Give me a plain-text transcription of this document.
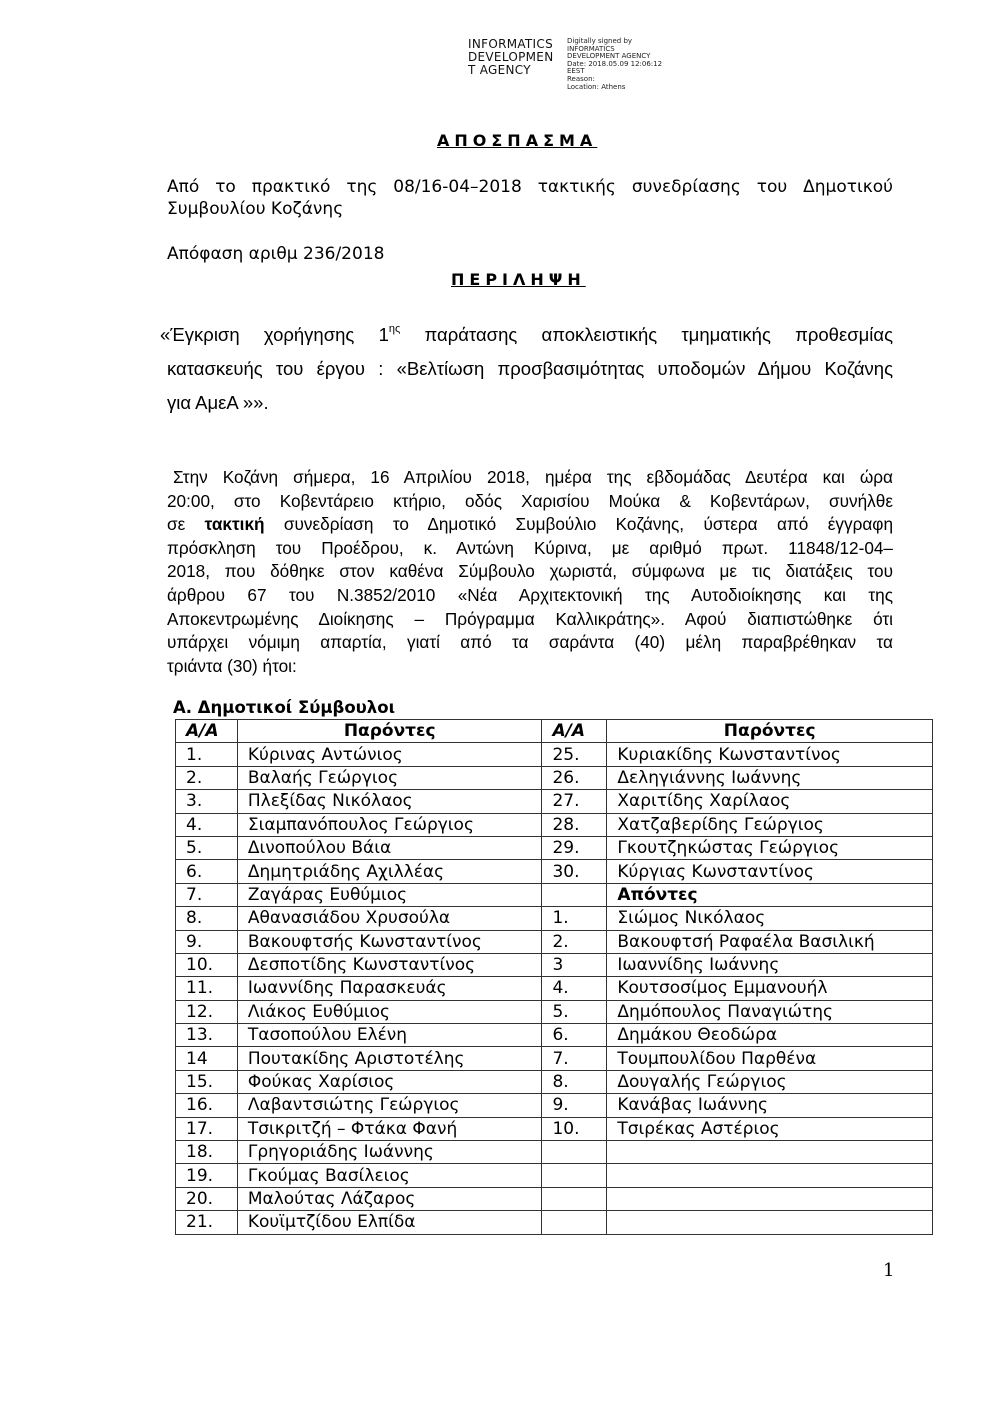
INFORMATICS
DEVELOPMEN
T AGENCY
Digitally signed by
INFORMATICS
DEVELOPMENT AGENCY
Date: 2018.05.09 12:06:12
EEST
Reason:
Location: Athens
ΑΠΟΣΠΑΣΜΑ
Από το πρακτικό της 08/16-04–2018 τακτικής συνεδρίασης του Δημοτικού
Συμβουλίου Κοζάνης
Απόφαση αριθμ 236/2018
ΠΕΡΙΛΗΨΗ
«Έγκριση χορήγησης $1^{\eta\varsigma}$ παράτασης αποκλειστικής τμηματικής προθεσμίας
κατασκευής του έργου : «Βελτίωση προσβασιμότητας υποδομών Δήμου Κοζάνης
για ΑμεΑ »».
Στην Κοζάνη σήμερα, 16 Απριλίου 2018, ημέρα της εβδομάδας Δευτέρα και ώρα
20:00, στο Κοβεντάρειο κτήριο, οδός Χαρισίου Μούκα & Κοβεντάρων, συνήλθε
σε τακτική συνεδρίαση το Δημοτικό Συμβούλιο Κοζάνης, ύστερα από έγγραφη
πρόσκληση του Προέδρου, κ. Αντώνη Κύρινα, με αριθμό πρωτ. 11848/12-04–
2018, που δόθηκε στον καθένα Σύμβουλο χωριστά, σύμφωνα με τις διατάξεις του
άρθρου 67 του Ν.3852/2010 «Νέα Αρχιτεκτονική της Αυτοδιοίκησης και της
Αποκεντρωμένης Διοίκησης – Πρόγραμμα Καλλικράτης». Αφού διαπιστώθηκε ότι
υπάρχει νόμιμη απαρτία, γιατί από τα σαράντα (40) μέλη παραβρέθηκαν τα
τριάντα (30) ήτοι:
Α. Δημοτικοί Σύμβουλοι
Α/Α	Παρόντες	Α/Α	Παρόντες
1.	Κύρινας Αντώνιος	25.	Κυριακίδης Κωνσταντίνος
2.	Βαλαής Γεώργιος	26.	Δεληγιάννης Ιωάννης
3.	Πλεξίδας Νικόλαος	27.	Χαριτίδης Χαρίλαος
4.	Σιαμπανόπουλος Γεώργιος	28.	Χατζαβερίδης Γεώργιος
5.	Δινοπούλου Βάια	29.	Γκουτζηκώστας Γεώργιος
6.	Δημητριάδης Αχιλλέας	30.	Κύργιας Κωνσταντίνος
7.	Ζαγάρας Ευθύμιος		Απόντες
8.	Αθανασιάδου Χρυσούλα	1.	Σιώμος Νικόλαος
9.	Βακουφτσής Κωνσταντίνος	2.	Βακουφτσή Ραφαέλα Βασιλική
10.	Δεσποτίδης Κωνσταντίνος	3	Ιωαννίδης Ιωάννης
11.	Ιωαννίδης Παρασκευάς	4.	Κουτσοσίμος Εμμανουήλ
12.	Λιάκος Ευθύμιος	5.	Δημόπουλος Παναγιώτης
13.	Τασοπούλου Ελένη	6.	Δημάκου Θεοδώρα
14	Πουτακίδης Αριστοτέλης	7.	Τουμπουλίδου Παρθένα
15.	Φούκας Χαρίσιος	8.	Δουγαλής Γεώργιος
16.	Λαβαντσιώτης Γεώργιος	9.	Κανάβας Ιωάννης
17.	Τσικριτζή – Φτάκα Φανή	10.	Τσιρέκας Αστέριος
18.	Γρηγοριάδης Ιωάννης		
19.	Γκούμας Βασίλειος		
20.	Μαλούτας Λάζαρος		
21.	Κουϊμτζίδου Ελπίδα		
1
